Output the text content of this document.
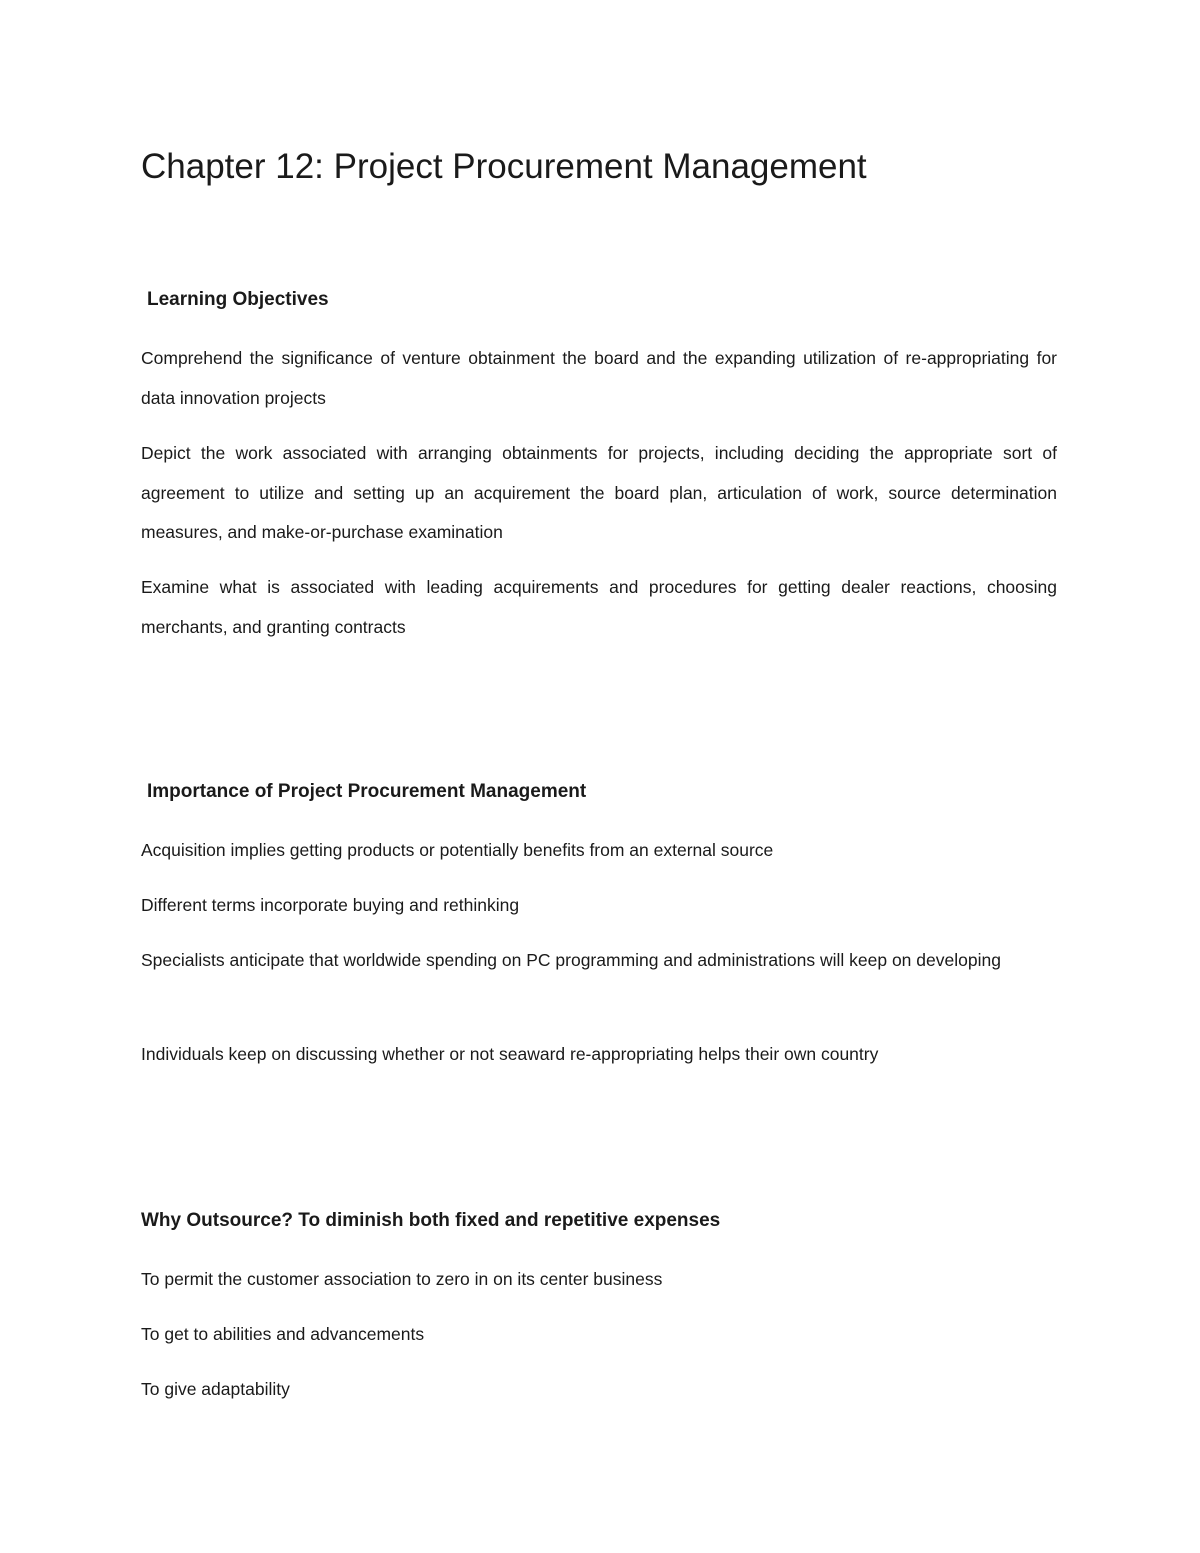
Chapter 12: Project Procurement Management
Learning Objectives

Comprehend the significance of venture obtainment the board and the expanding utilization of re-appropriating for data innovation projects

Depict the work associated with arranging obtainments for projects, including deciding the appropriate sort of agreement to utilize and setting up an acquirement the board plan, articulation of work, source determination measures, and make-or-purchase examination

Examine what is associated with leading acquirements and procedures for getting dealer reactions, choosing merchants, and granting contracts

Importance of Project Procurement Management

Acquisition implies getting products or potentially benefits from an external source

Different terms incorporate buying and rethinking

Specialists anticipate that worldwide spending on PC programming and administrations will keep on developing

Individuals keep on discussing whether or not seaward re-appropriating helps their own country

Why Outsource? To diminish both fixed and repetitive expenses

To permit the customer association to zero in on its center business

To get to abilities and advancements

To give adaptability
